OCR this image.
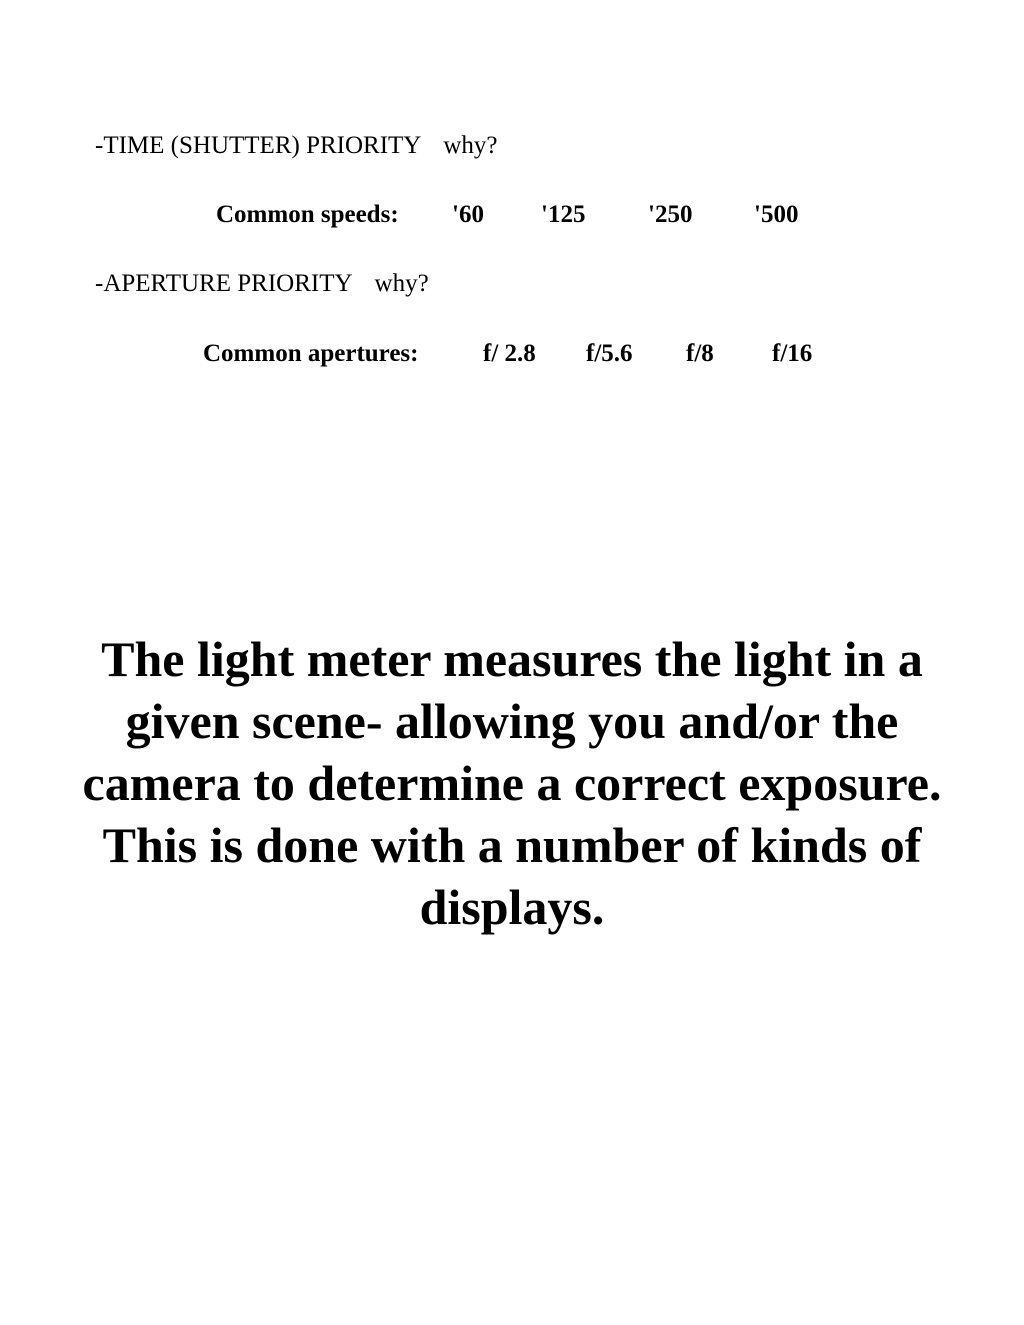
-TIME (SHUTTER) PRIORITY why?
Common speeds: '60 '125	'250 '500
-APERTURE PRIORITY why?
Common apertures:	f/ 2.8 f/5.6 f/8 f/16

The light meter measures the light in a given scene- allowing you and/or the camera to determine a correct exposure.

This is done with a number of kinds of displays.
